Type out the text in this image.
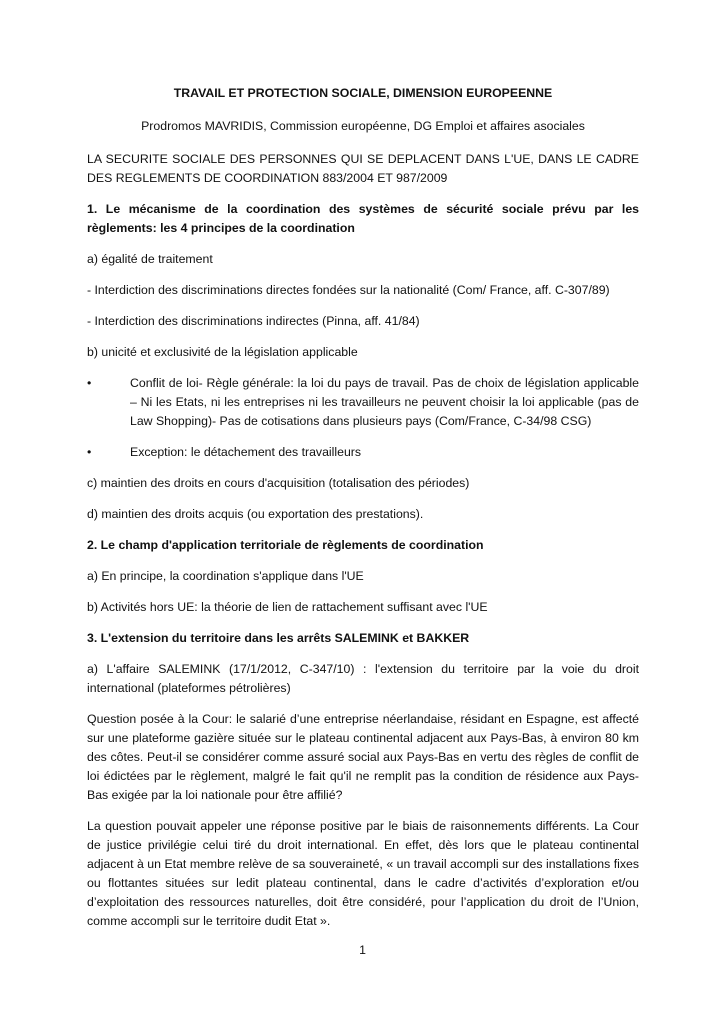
TRAVAIL ET PROTECTION SOCIALE, DIMENSION EUROPEENNE

Prodromos MAVRIDIS, Commission européenne, DG Emploi et affaires asociales

LA SECURITE SOCIALE DES PERSONNES QUI SE DEPLACENT DANS L'UE, DANS LE CADRE DES REGLEMENTS DE COORDINATION 883/2004 ET 987/2009

1. Le mécanisme de la coordination des systèmes de sécurité sociale prévu par les règlements: les 4 principes de la coordination

a) égalité de traitement

- Interdiction des discriminations directes fondées sur la nationalité (Com/ France, aff. C-307/89)

- Interdiction des discriminations indirectes (Pinna, aff. 41/84)

b) unicité et exclusivité de la législation applicable

•	Conflit de loi- Règle générale: la loi du pays de travail. Pas de choix de législation applicable – Ni les Etats, ni les entreprises ni les travailleurs ne peuvent choisir la loi applicable (pas de Law Shopping)- Pas de cotisations dans plusieurs pays (Com/France, C-34/98 CSG)
•	Exception: le détachement des travailleurs

c) maintien des droits en cours d'acquisition (totalisation des périodes)

d) maintien des droits acquis (ou exportation des prestations).

2. Le champ d'application territoriale de règlements de coordination

a) En principe, la coordination s'applique dans l'UE

b) Activités hors UE: la théorie de lien de rattachement suffisant avec l'UE

3. L'extension du territoire dans les arrêts SALEMINK et BAKKER

a) L'affaire SALEMINK (17/1/2012, C-347/10) : l'extension du territoire par la voie du droit international (plateformes pétrolières)

Question posée à la Cour: le salarié d’une entreprise néerlandaise, résidant en Espagne, est affecté sur une plateforme gazière située sur le plateau continental adjacent aux Pays-Bas, à environ 80 km des côtes. Peut-il se considérer comme assuré social aux Pays-Bas en vertu des règles de conflit de loi édictées par le règlement, malgré le fait qu'il ne remplit pas la condition de résidence aux Pays-Bas exigée par la loi nationale pour être affilié?

La question pouvait appeler une réponse positive par le biais de raisonnements différents. La Cour de justice privilégie celui tiré du droit international. En effet, dès lors que le plateau continental adjacent à un Etat membre relève de sa souveraineté, « un travail accompli sur des installations fixes ou flottantes situées sur ledit plateau continental, dans le cadre d’activités d’exploration et/ou d’exploitation des ressources naturelles, doit être considéré, pour l’application du droit de l’Union, comme accompli sur le territoire dudit Etat ».

1
